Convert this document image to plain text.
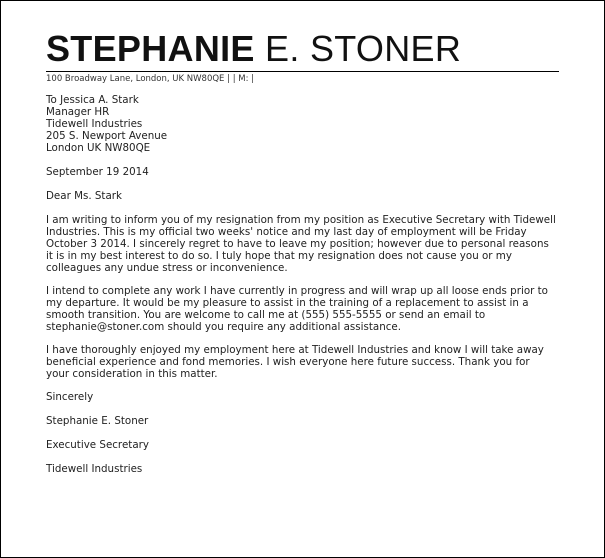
STEPHANIE E. STONER
100 Broadway Lane, London, UK NW80QE | | M: |
To Jessica A. Stark
Manager HR
Tidewell Industries
205 S. Newport Avenue
London UK NW80QE
September 19 2014
Dear Ms. Stark
I am writing to inform you of my resignation from my position as Executive Secretary with Tidewell
Industries. This is my official two weeks' notice and my last day of employment will be Friday
October 3 2014. I sincerely regret to have to leave my position; however due to personal reasons
it is in my best interest to do so. I tuly hope that my resignation does not cause you or my
colleagues any undue stress or inconvenience.
I intend to complete any work I have currently in progress and will wrap up all loose ends prior to
my departure. It would be my pleasure to assist in the training of a replacement to assist in a
smooth transition. You are welcome to call me at (555) 555-5555 or send an email to
stephanie@stoner.com should you require any additional assistance.
I have thoroughly enjoyed my employment here at Tidewell Industries and know I will take away
beneficial experience and fond memories. I wish everyone here future success. Thank you for
your consideration in this matter.
Sincerely
Stephanie E. Stoner
Executive Secretary
Tidewell Industries
